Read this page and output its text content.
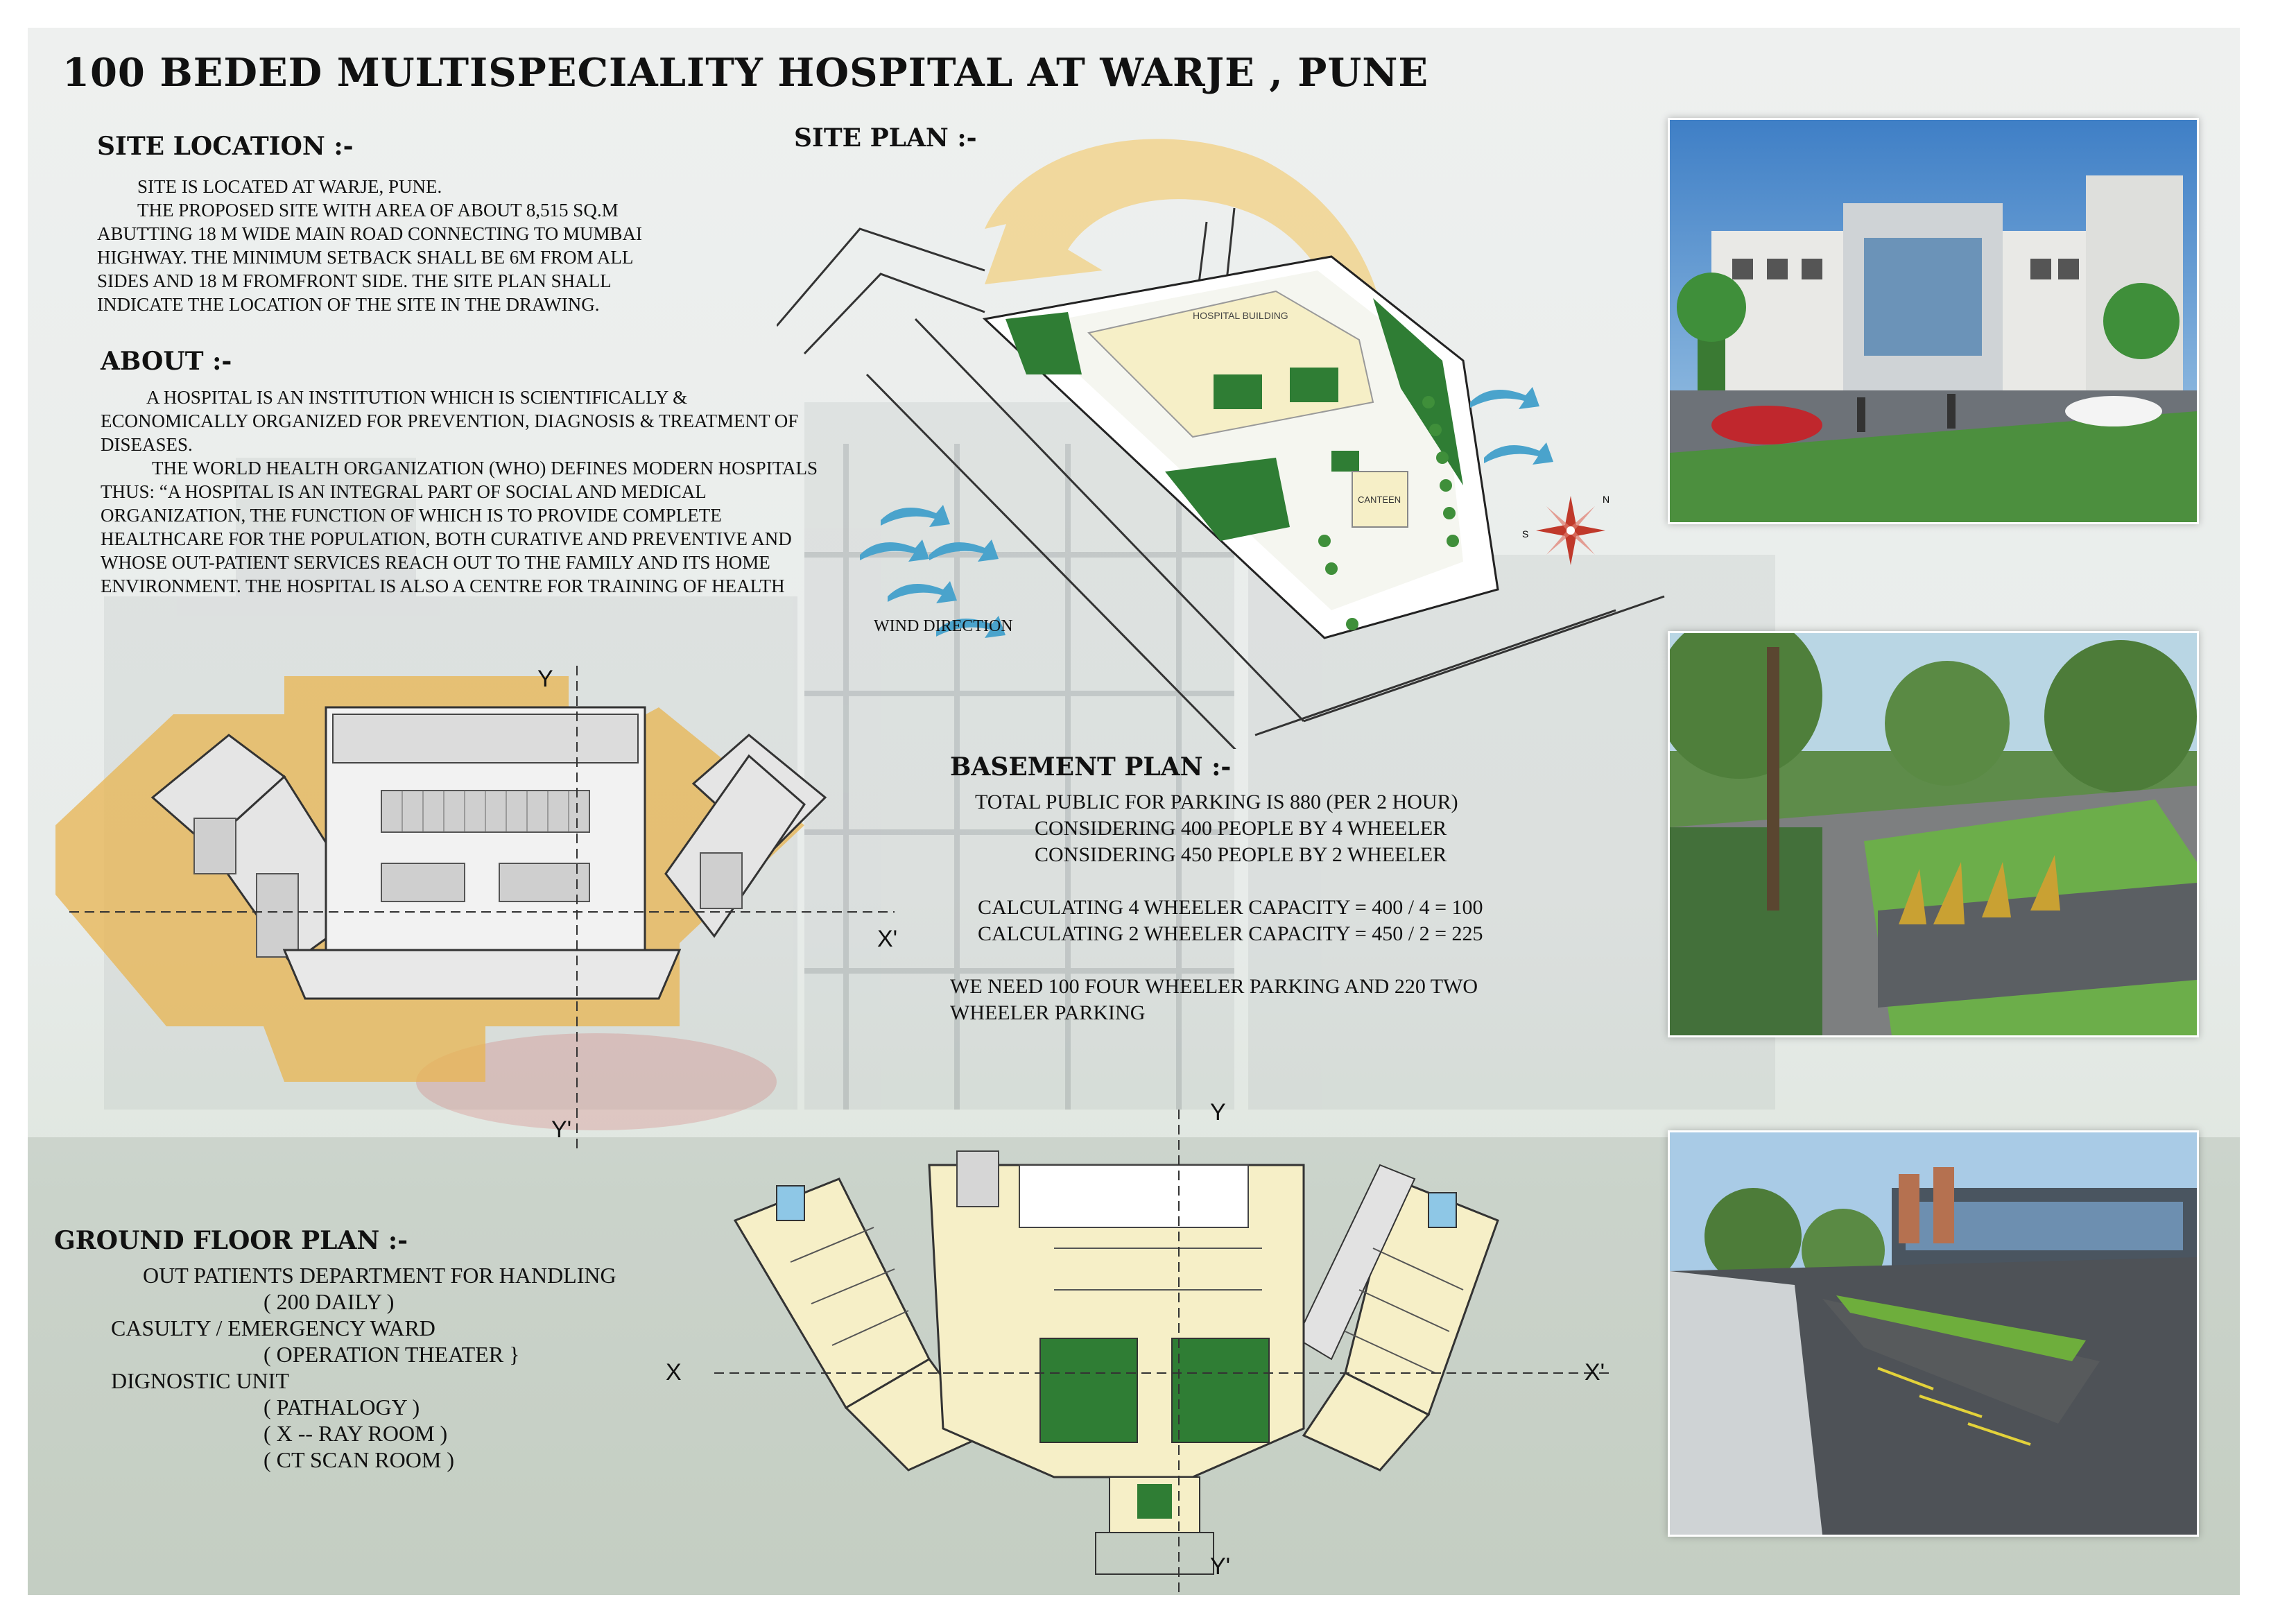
100 BEDED MULTISPECIALITY HOSPITAL AT WARJE , PUNE
SITE LOCATION :-

SITE IS LOCATED AT WARJE, PUNE.

THE PROPOSED SITE WITH AREA OF ABOUT 8,515 SQ.M

ABUTTING 18 M WIDE MAIN ROAD CONNECTING TO MUMBAI

HIGHWAY. THE MINIMUM SETBACK SHALL BE 6M FROM ALL

SIDES AND 18 M FROMFRONT SIDE. THE SITE PLAN SHALL

INDICATE THE LOCATION OF THE SITE IN THE DRAWING.

ABOUT :-

A HOSPITAL IS AN INSTITUTION WHICH IS SCIENTIFICALLY &

ECONOMICALLY ORGANIZED FOR PREVENTION, DIAGNOSIS & TREATMENT OF

DISEASES.

THE WORLD HEALTH ORGANIZATION (WHO) DEFINES MODERN HOSPITALS

THUS: “A HOSPITAL IS AN INTEGRAL PART OF SOCIAL AND MEDICAL

ORGANIZATION, THE FUNCTION OF WHICH IS TO PROVIDE COMPLETE

HEALTHCARE FOR THE POPULATION, BOTH CURATIVE AND PREVENTIVE AND

WHOSE OUT-PATIENT SERVICES REACH OUT TO THE FAMILY AND ITS HOME

ENVIRONMENT. THE HOSPITAL IS ALSO A CENTRE FOR TRAINING OF HEALTH

SITE PLAN :-
HOSPITAL BUILDING
CANTEEN
WIND DIRECTION
N
S
Y
Y'
X'
BASEMENT PLAN :-

TOTAL PUBLIC FOR PARKING IS 880 (PER 2 HOUR)

CONSIDERING 400 PEOPLE BY 4 WHEELER

CONSIDERING 450 PEOPLE BY 2 WHEELER

CALCULATING 4 WHEELER CAPACITY = 400 / 4 = 100

CALCULATING 2 WHEELER CAPACITY = 450 / 2 = 225

WE NEED 100 FOUR WHEELER PARKING AND 220 TWO

WHEELER PARKING

GROUND FLOOR PLAN :-

OUT PATIENTS DEPARTMENT FOR HANDLING

( 200 DAILY )

CASULTY / EMERGENCY WARD

( OPERATION THEATER }

DIGNOSTIC UNIT

( PATHALOGY )

( X -- RAY ROOM )

( CT SCAN ROOM )

Y
Y'
X	X'
